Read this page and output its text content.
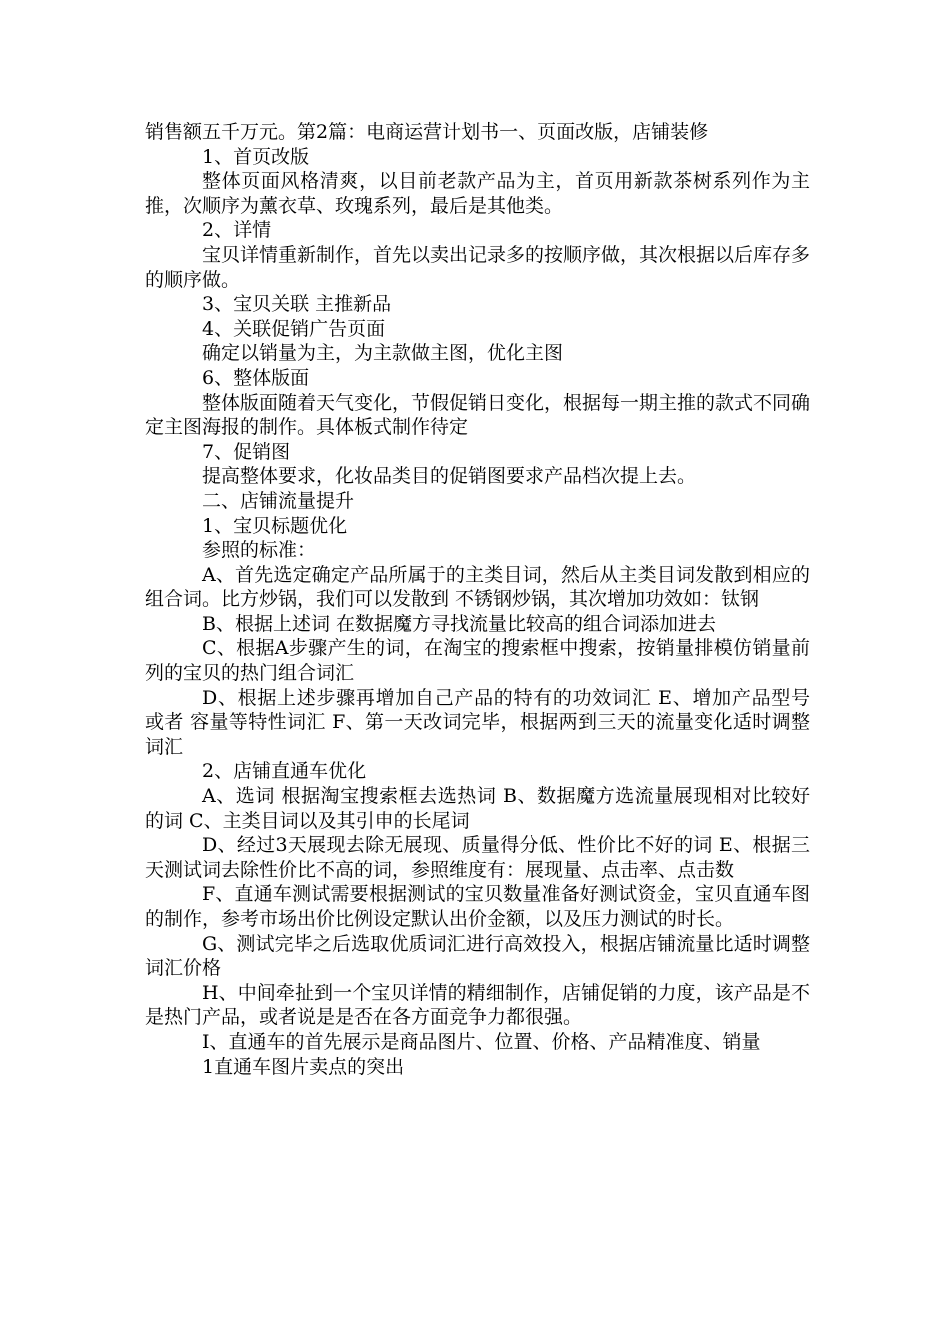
销售额五千万元。第2篇：电商运营计划书一、页面改版，店铺装修

1、首页改版

整体页面风格清爽，以目前老款产品为主，首页用新款茶树系列作为主推，次顺序为薰衣草、玫瑰系列，最后是其他类。

2、详情

宝贝详情重新制作，首先以卖出记录多的按顺序做，其次根据以后库存多的顺序做。

3、宝贝关联 主推新品

4、关联促销广告页面

确定以销量为主，为主款做主图，优化主图

6、整体版面

整体版面随着天气变化，节假促销日变化，根据每一期主推的款式不同确定主图海报的制作。具体板式制作待定

7、促销图

提高整体要求，化妆品类目的促销图要求产品档次提上去。

二、店铺流量提升

1、宝贝标题优化

参照的标准：

A、首先选定确定产品所属于的主类目词，然后从主类目词发散到相应的组合词。比方炒锅，我们可以发散到 不锈钢炒锅，其次增加功效如：钛钢

B、根据上述词 在数据魔方寻找流量比较高的组合词添加进去

C、根据A步骤产生的词，在淘宝的搜索框中搜索，按销量排模仿销量前列的宝贝的热门组合词汇

D、根据上述步骤再增加自己产品的特有的功效词汇 E、增加产品型号 或者 容量等特性词汇 F、第一天改词完毕，根据两到三天的流量变化适时调整词汇

2、店铺直通车优化

A、选词 根据淘宝搜索框去选热词 B、数据魔方选流量展现相对比较好的词 C、主类目词以及其引申的长尾词

D、经过3天展现去除无展现、质量得分低、性价比不好的词 E、根据三天测试词去除性价比不高的词，参照维度有：展现量、点击率、点击数

F、直通车测试需要根据测试的宝贝数量准备好测试资金，宝贝直通车图的制作，参考市场出价比例设定默认出价金额，以及压力测试的时长。

G、测试完毕之后选取优质词汇进行高效投入，根据店铺流量比适时调整词汇价格

H、中间牵扯到一个宝贝详情的精细制作，店铺促销的力度，该产品是不是热门产品，或者说是是否在各方面竞争力都很强。

I、直通车的首先展示是商品图片、位置、价格、产品精准度、销量

1直通车图片卖点的突出
